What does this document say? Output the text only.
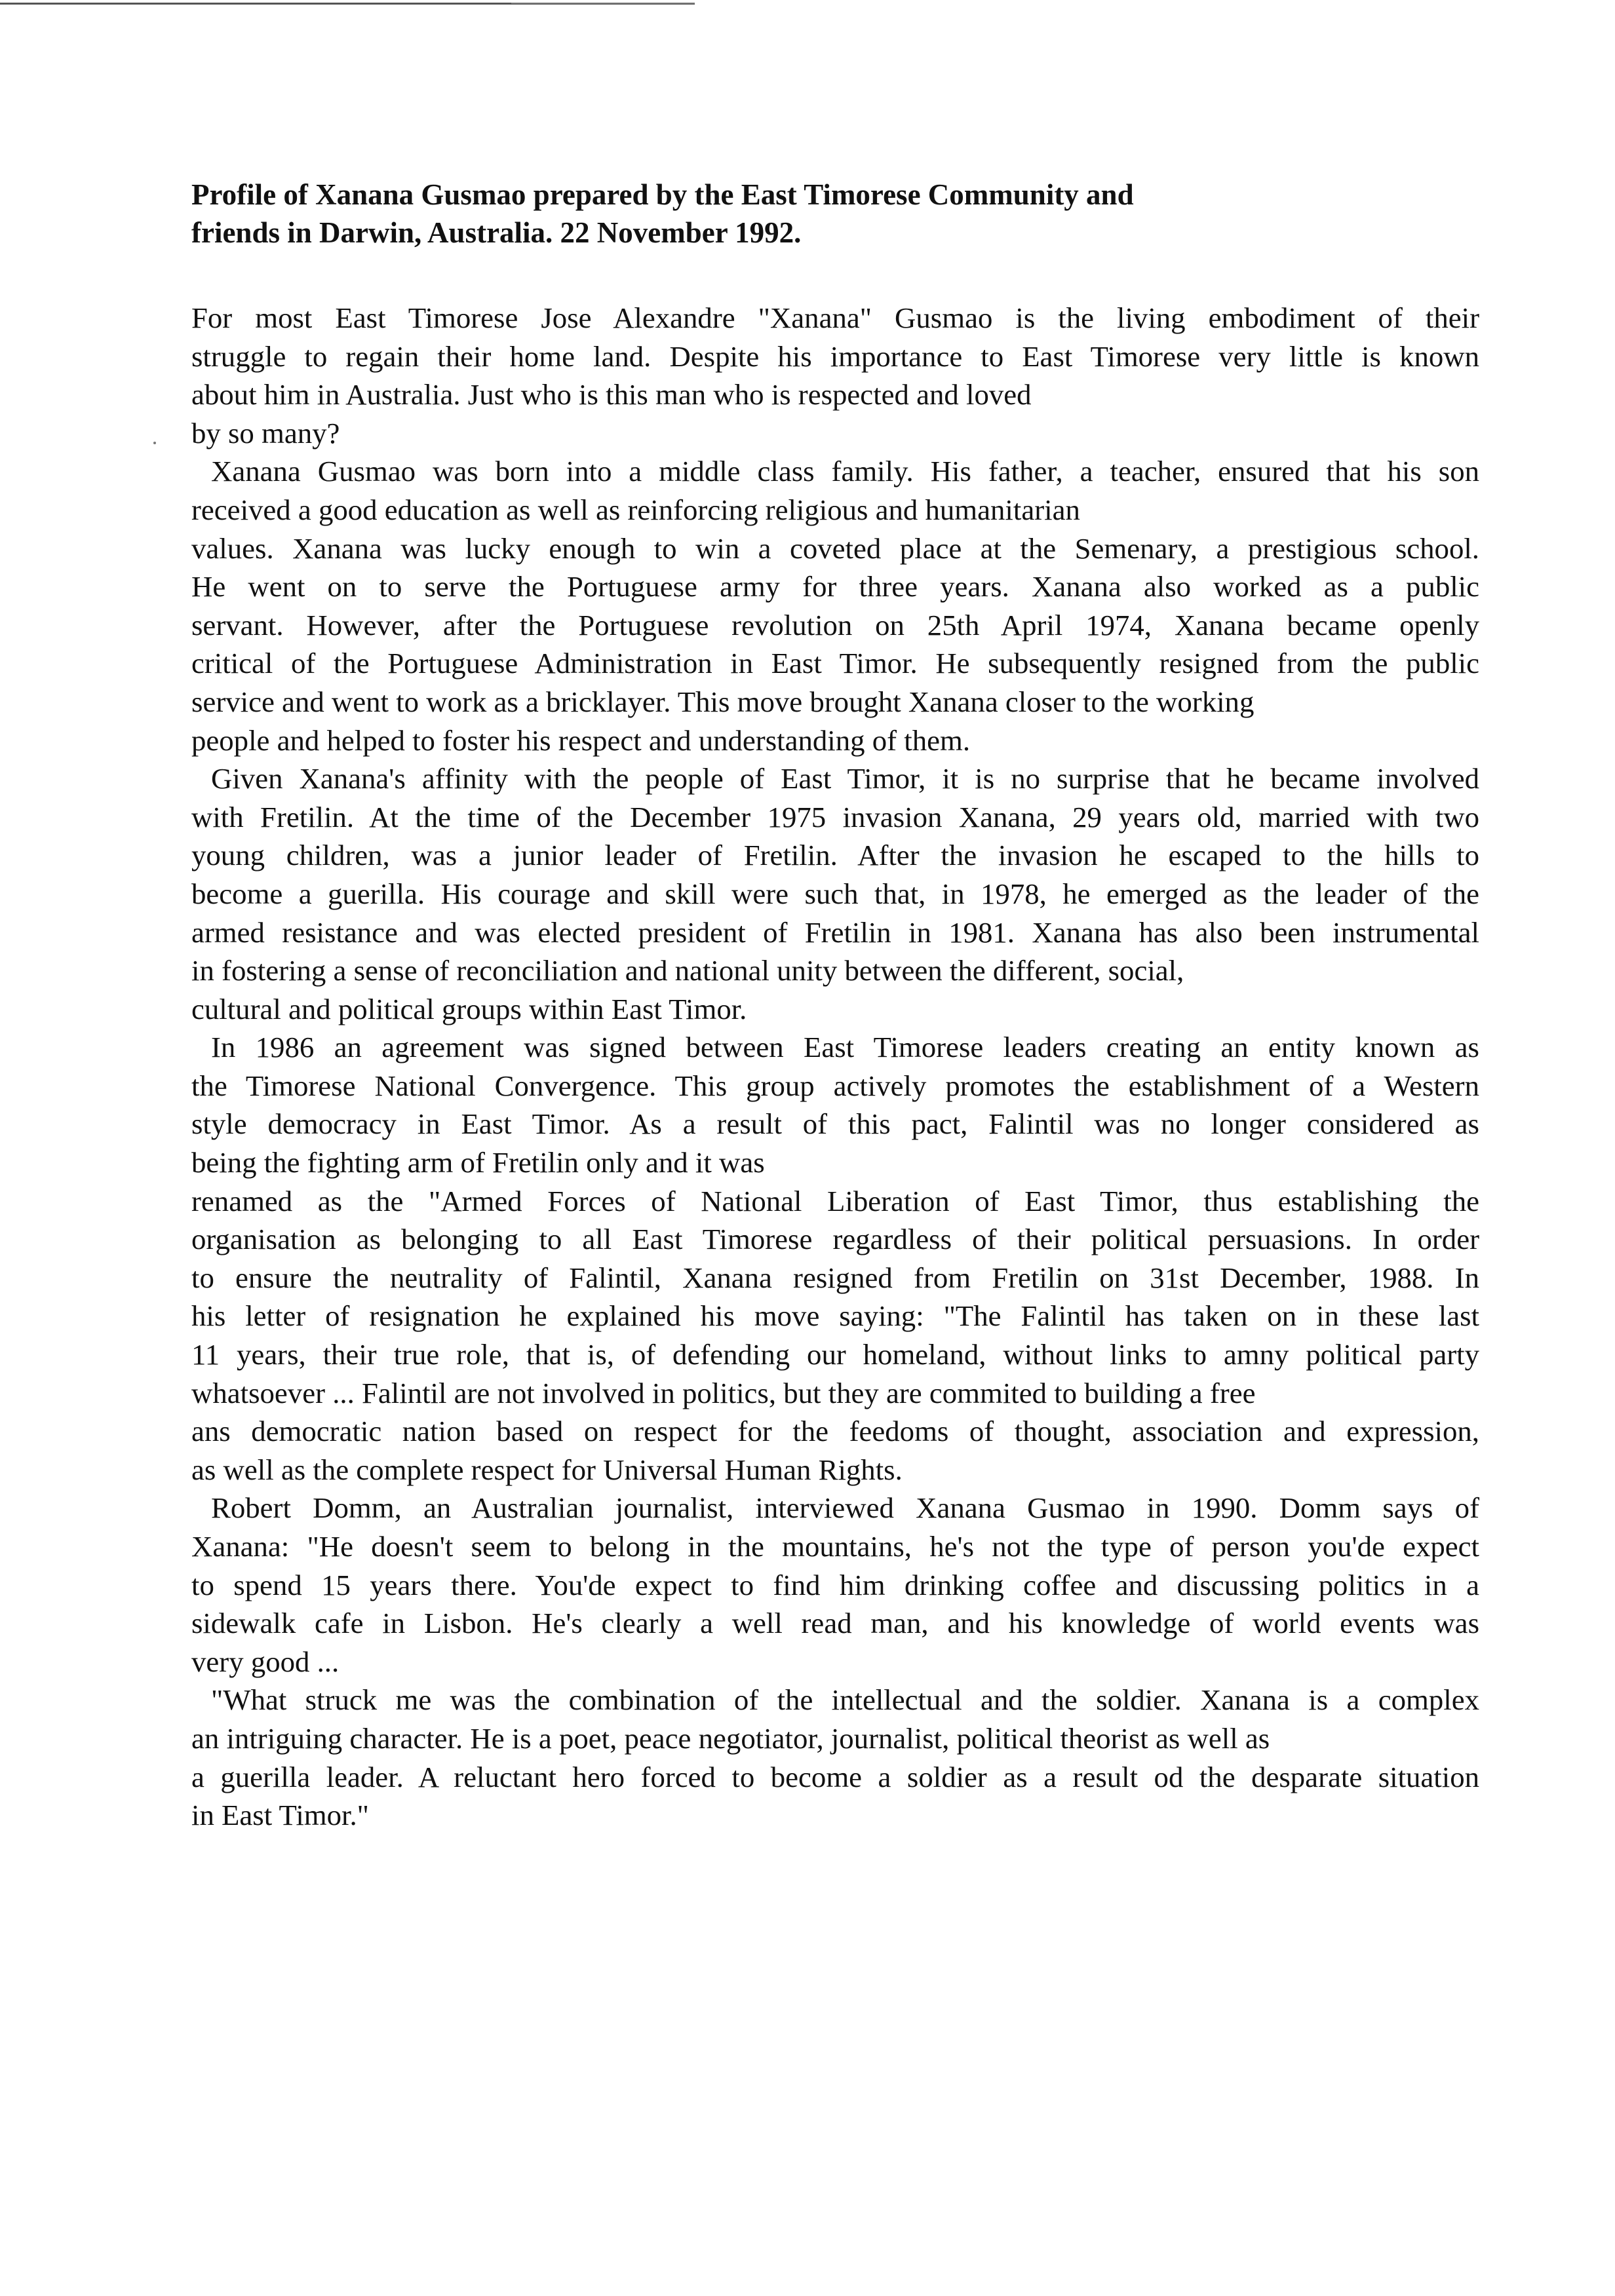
Profile of Xanana Gusmao prepared by the East Timorese Community and
friends in Darwin, Australia. 22 November 1992.
For most East Timorese Jose Alexandre "Xanana" Gusmao is the living embodiment of their
struggle to regain their home land. Despite his importance to East Timorese very little is known
about him in Australia. Just who is this man who is respected and loved
by so many?
Xanana Gusmao was born into a middle class family. His father, a teacher, ensured that his son
received a good education as well as reinforcing religious and humanitarian
values. Xanana was lucky enough to win a coveted place at the Semenary, a prestigious school.
He went on to serve the Portuguese army for three years. Xanana also worked as a public
servant. However, after the Portuguese revolution on 25th April 1974, Xanana became openly
critical of the Portuguese Administration in East Timor. He subsequently resigned from the public
service and went to work as a bricklayer. This move brought Xanana closer to the working
people and helped to foster his respect and understanding of them.
Given Xanana's affinity with the people of East Timor, it is no surprise that he became involved
with Fretilin. At the time of the December 1975 invasion Xanana, 29 years old, married with two
young children, was a junior leader of Fretilin. After the invasion he escaped to the hills to
become a guerilla. His courage and skill were such that, in 1978, he emerged as the leader of the
armed resistance and was elected president of Fretilin in 1981. Xanana has also been instrumental
in fostering a sense of reconciliation and national unity between the different, social,
cultural and political groups within East Timor.
In 1986 an agreement was signed between East Timorese leaders creating an entity known as
the Timorese National Convergence. This group actively promotes the establishment of a Western
style democracy in East Timor. As a result of this pact, Falintil was no longer considered as
being the fighting arm of Fretilin only and it was
renamed as the "Armed Forces of National Liberation of East Timor, thus establishing the
organisation as belonging to all East Timorese regardless of their political persuasions. In order
to ensure the neutrality of Falintil, Xanana resigned from Fretilin on 31st December, 1988. In
his letter of resignation he explained his move saying: "The Falintil has taken on in these last
11 years, their true role, that is, of defending our homeland, without links to amny political party
whatsoever ... Falintil are not involved in politics, but they are commited to building a free
ans democratic nation based on respect for the feedoms of thought, association and expression,
as well as the complete respect for Universal Human Rights.
Robert Domm, an Australian journalist, interviewed Xanana Gusmao in 1990. Domm says of
Xanana: "He doesn't seem to belong in the mountains, he's not the type of person you'de expect
to spend 15 years there. You'de expect to find him drinking coffee and discussing politics in a
sidewalk cafe in Lisbon. He's clearly a well read man, and his knowledge of world events was
very good ...
"What struck me was the combination of the intellectual and the soldier. Xanana is a complex
an intriguing character. He is a poet, peace negotiator, journalist, political theorist as well as
a guerilla leader. A reluctant hero forced to become a soldier as a result od the desparate situation
in East Timor."
